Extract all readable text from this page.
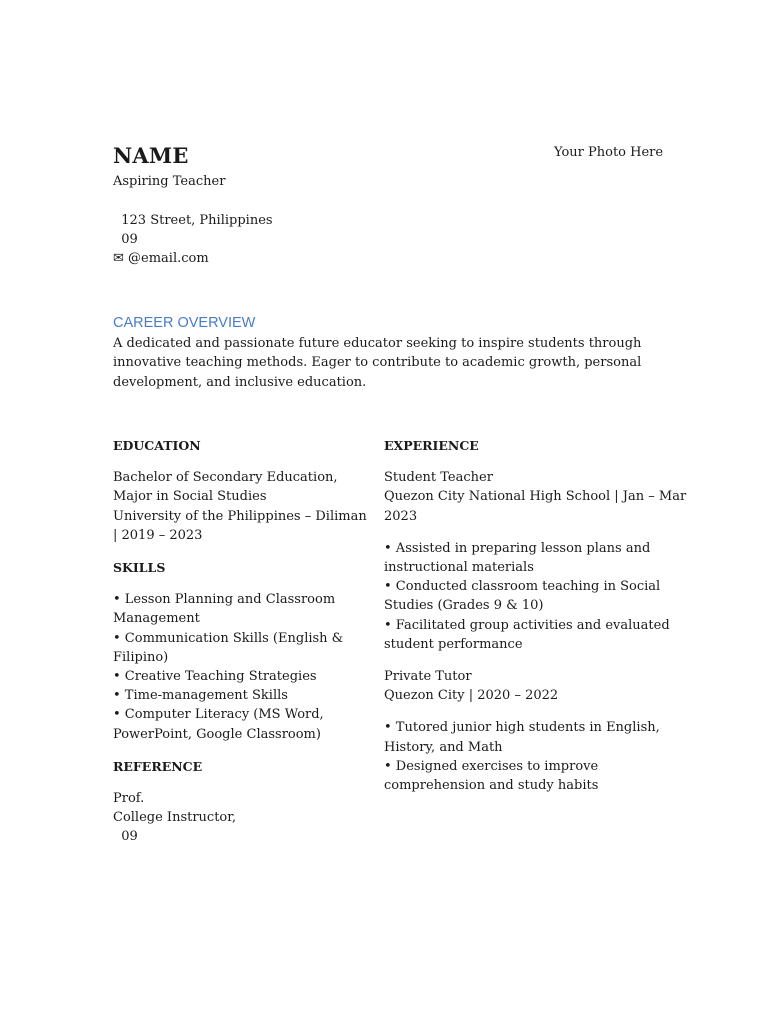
NAME
Aspiring Teacher
Your Photo Here
123 Street, Philippines
09
✉ @email.com
CAREER OVERVIEW
A dedicated and passionate future educator seeking to inspire students through innovative teaching methods. Eager to contribute to academic growth, personal development, and inclusive education.
EDUCATION
Bachelor of Secondary Education, Major in Social Studies
University of the Philippines – Diliman | 2019 – 2023
SKILLS
• Lesson Planning and Classroom Management
• Communication Skills (English & Filipino)
• Creative Teaching Strategies
• Time-management Skills
• Computer Literacy (MS Word, PowerPoint, Google Classroom)
REFERENCE
Prof.
College Instructor,
09
EXPERIENCE
Student Teacher
Quezon City National High School | Jan – Mar 2023
• Assisted in preparing lesson plans and instructional materials
• Conducted classroom teaching in Social Studies (Grades 9 & 10)
• Facilitated group activities and evaluated student performance
Private Tutor
Quezon City | 2020 – 2022
• Tutored junior high students in English, History, and Math
• Designed exercises to improve comprehension and study habits
